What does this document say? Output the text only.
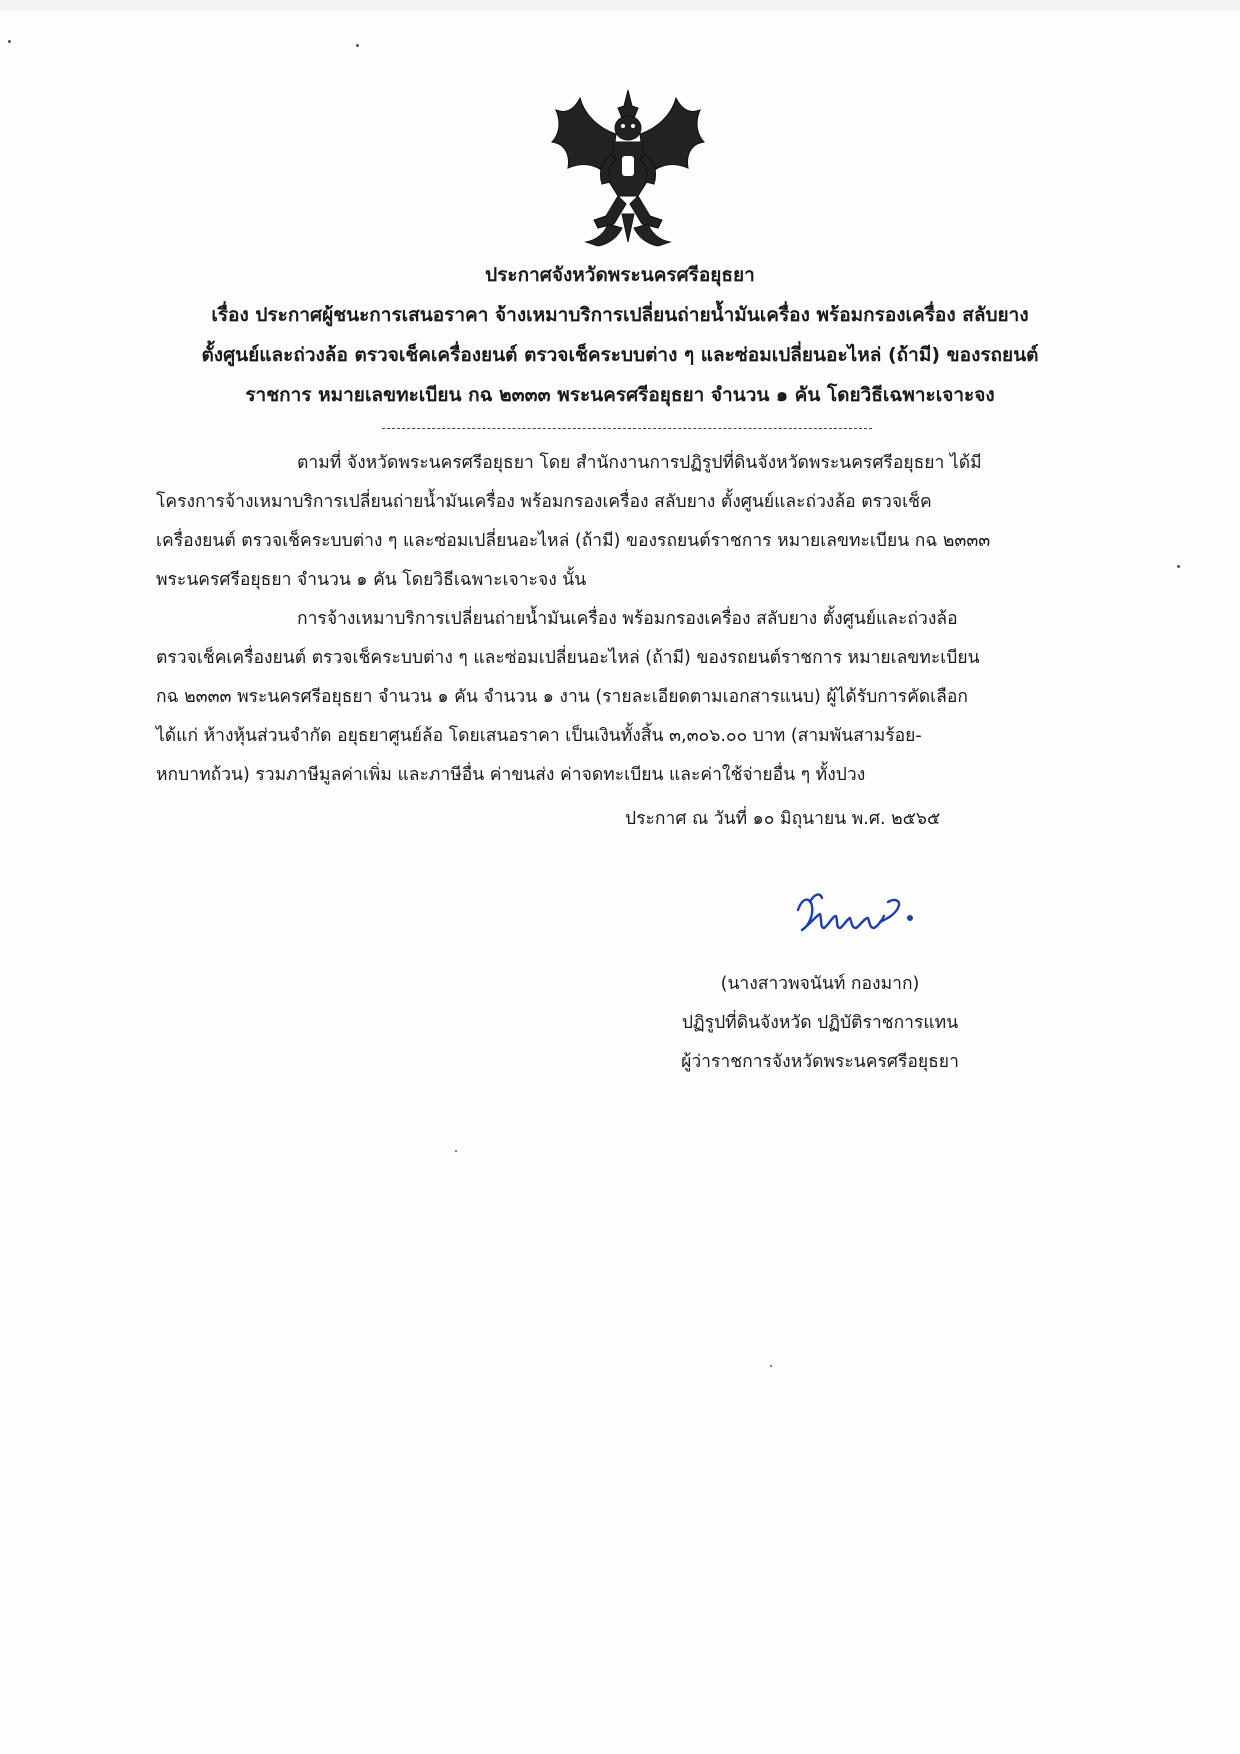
ประกาศจังหวัดพระนครศรีอยุธยา
เรื่อง ประกาศผู้ชนะการเสนอราคา จ้างเหมาบริการเปลี่ยนถ่ายน้ำมันเครื่อง พร้อมกรองเครื่อง สลับยาง
ตั้งศูนย์และถ่วงล้อ ตรวจเช็คเครื่องยนต์ ตรวจเช็คระบบต่าง ๆ และซ่อมเปลี่ยนอะไหล่ (ถ้ามี) ของรถยนต์
ราชการ หมายเลขทะเบียน กฉ ๒๓๓๓ พระนครศรีอยุธยา จำนวน ๑ คัน โดยวิธีเฉพาะเจาะจง
ตามที่ จังหวัดพระนครศรีอยุธยา โดย สำนักงานการปฏิรูปที่ดินจังหวัดพระนครศรีอยุธยา ได้มี
โครงการจ้างเหมาบริการเปลี่ยนถ่ายน้ำมันเครื่อง พร้อมกรองเครื่อง สลับยาง ตั้งศูนย์และถ่วงล้อ ตรวจเช็ค
เครื่องยนต์ ตรวจเช็คระบบต่าง ๆ และซ่อมเปลี่ยนอะไหล่ (ถ้ามี) ของรถยนต์ราชการ หมายเลขทะเบียน กฉ ๒๓๓๓
พระนครศรีอยุธยา จำนวน ๑ คัน โดยวิธีเฉพาะเจาะจง นั้น
การจ้างเหมาบริการเปลี่ยนถ่ายน้ำมันเครื่อง พร้อมกรองเครื่อง สลับยาง ตั้งศูนย์และถ่วงล้อ
ตรวจเช็คเครื่องยนต์ ตรวจเช็คระบบต่าง ๆ และซ่อมเปลี่ยนอะไหล่ (ถ้ามี) ของรถยนต์ราชการ หมายเลขทะเบียน
กฉ ๒๓๓๓ พระนครศรีอยุธยา จำนวน ๑ คัน จำนวน ๑ งาน (รายละเอียดตามเอกสารแนบ) ผู้ได้รับการคัดเลือก
ได้แก่ ห้างหุ้นส่วนจำกัด อยุธยาศูนย์ล้อ โดยเสนอราคา เป็นเงินทั้งสิ้น ๓,๓๐๖.๐๐ บาท (สามพันสามร้อย-
หกบาทถ้วน) รวมภาษีมูลค่าเพิ่ม และภาษีอื่น ค่าขนส่ง ค่าจดทะเบียน และค่าใช้จ่ายอื่น ๆ ทั้งปวง
ประกาศ ณ วันที่ ๑๐ มิถุนายน พ.ศ. ๒๕๖๕
(นางสาวพจนันท์ กองมาก)
ปฏิรูปที่ดินจังหวัด ปฏิบัติราชการแทน
ผู้ว่าราชการจังหวัดพระนครศรีอยุธยา
